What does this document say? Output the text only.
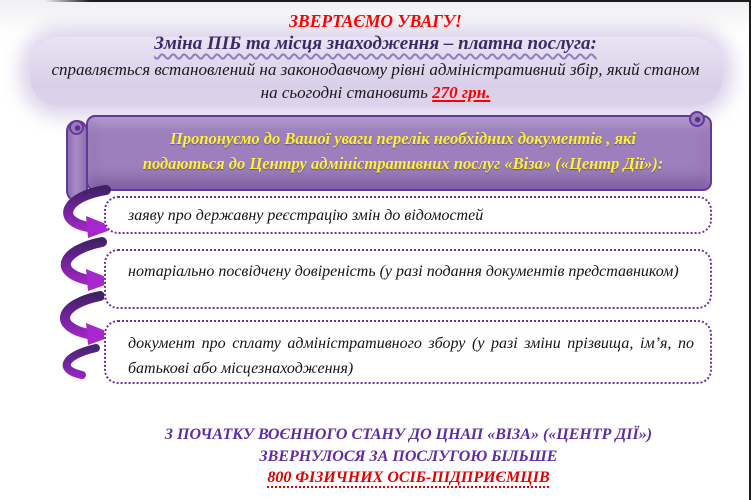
ЗВЕРТАЄМО УВАГУ!
Зміна ПІБ та місця знаходження – платна послуга:
справляється встановлений на законодавчому рівні адміністративний збір, який станом
на сьогодні становить 270 грн.
Пропонуємо до Вашої уваги перелік необхідних документів , які
подаються до Центру адміністративних послуг «Віза» («Центр Дії»):
заяву про державну реєстрацію змін до відомостей
нотаріально посвідчену довіреність (у разі подання документів представником)
документ про сплату адміністративного збору (у разі зміни прізвища, ім’я, по батькові або місцезнаходження)
З ПОЧАТКУ ВОЄННОГО СТАНУ ДО ЦНАП «ВІЗА» («ЦЕНТР ДІЇ»)
ЗВЕРНУЛОСЯ ЗА ПОСЛУГОЮ БІЛЬШЕ
800 ФІЗИЧНИХ ОСІБ-ПІДПРИЄМЦІВ
